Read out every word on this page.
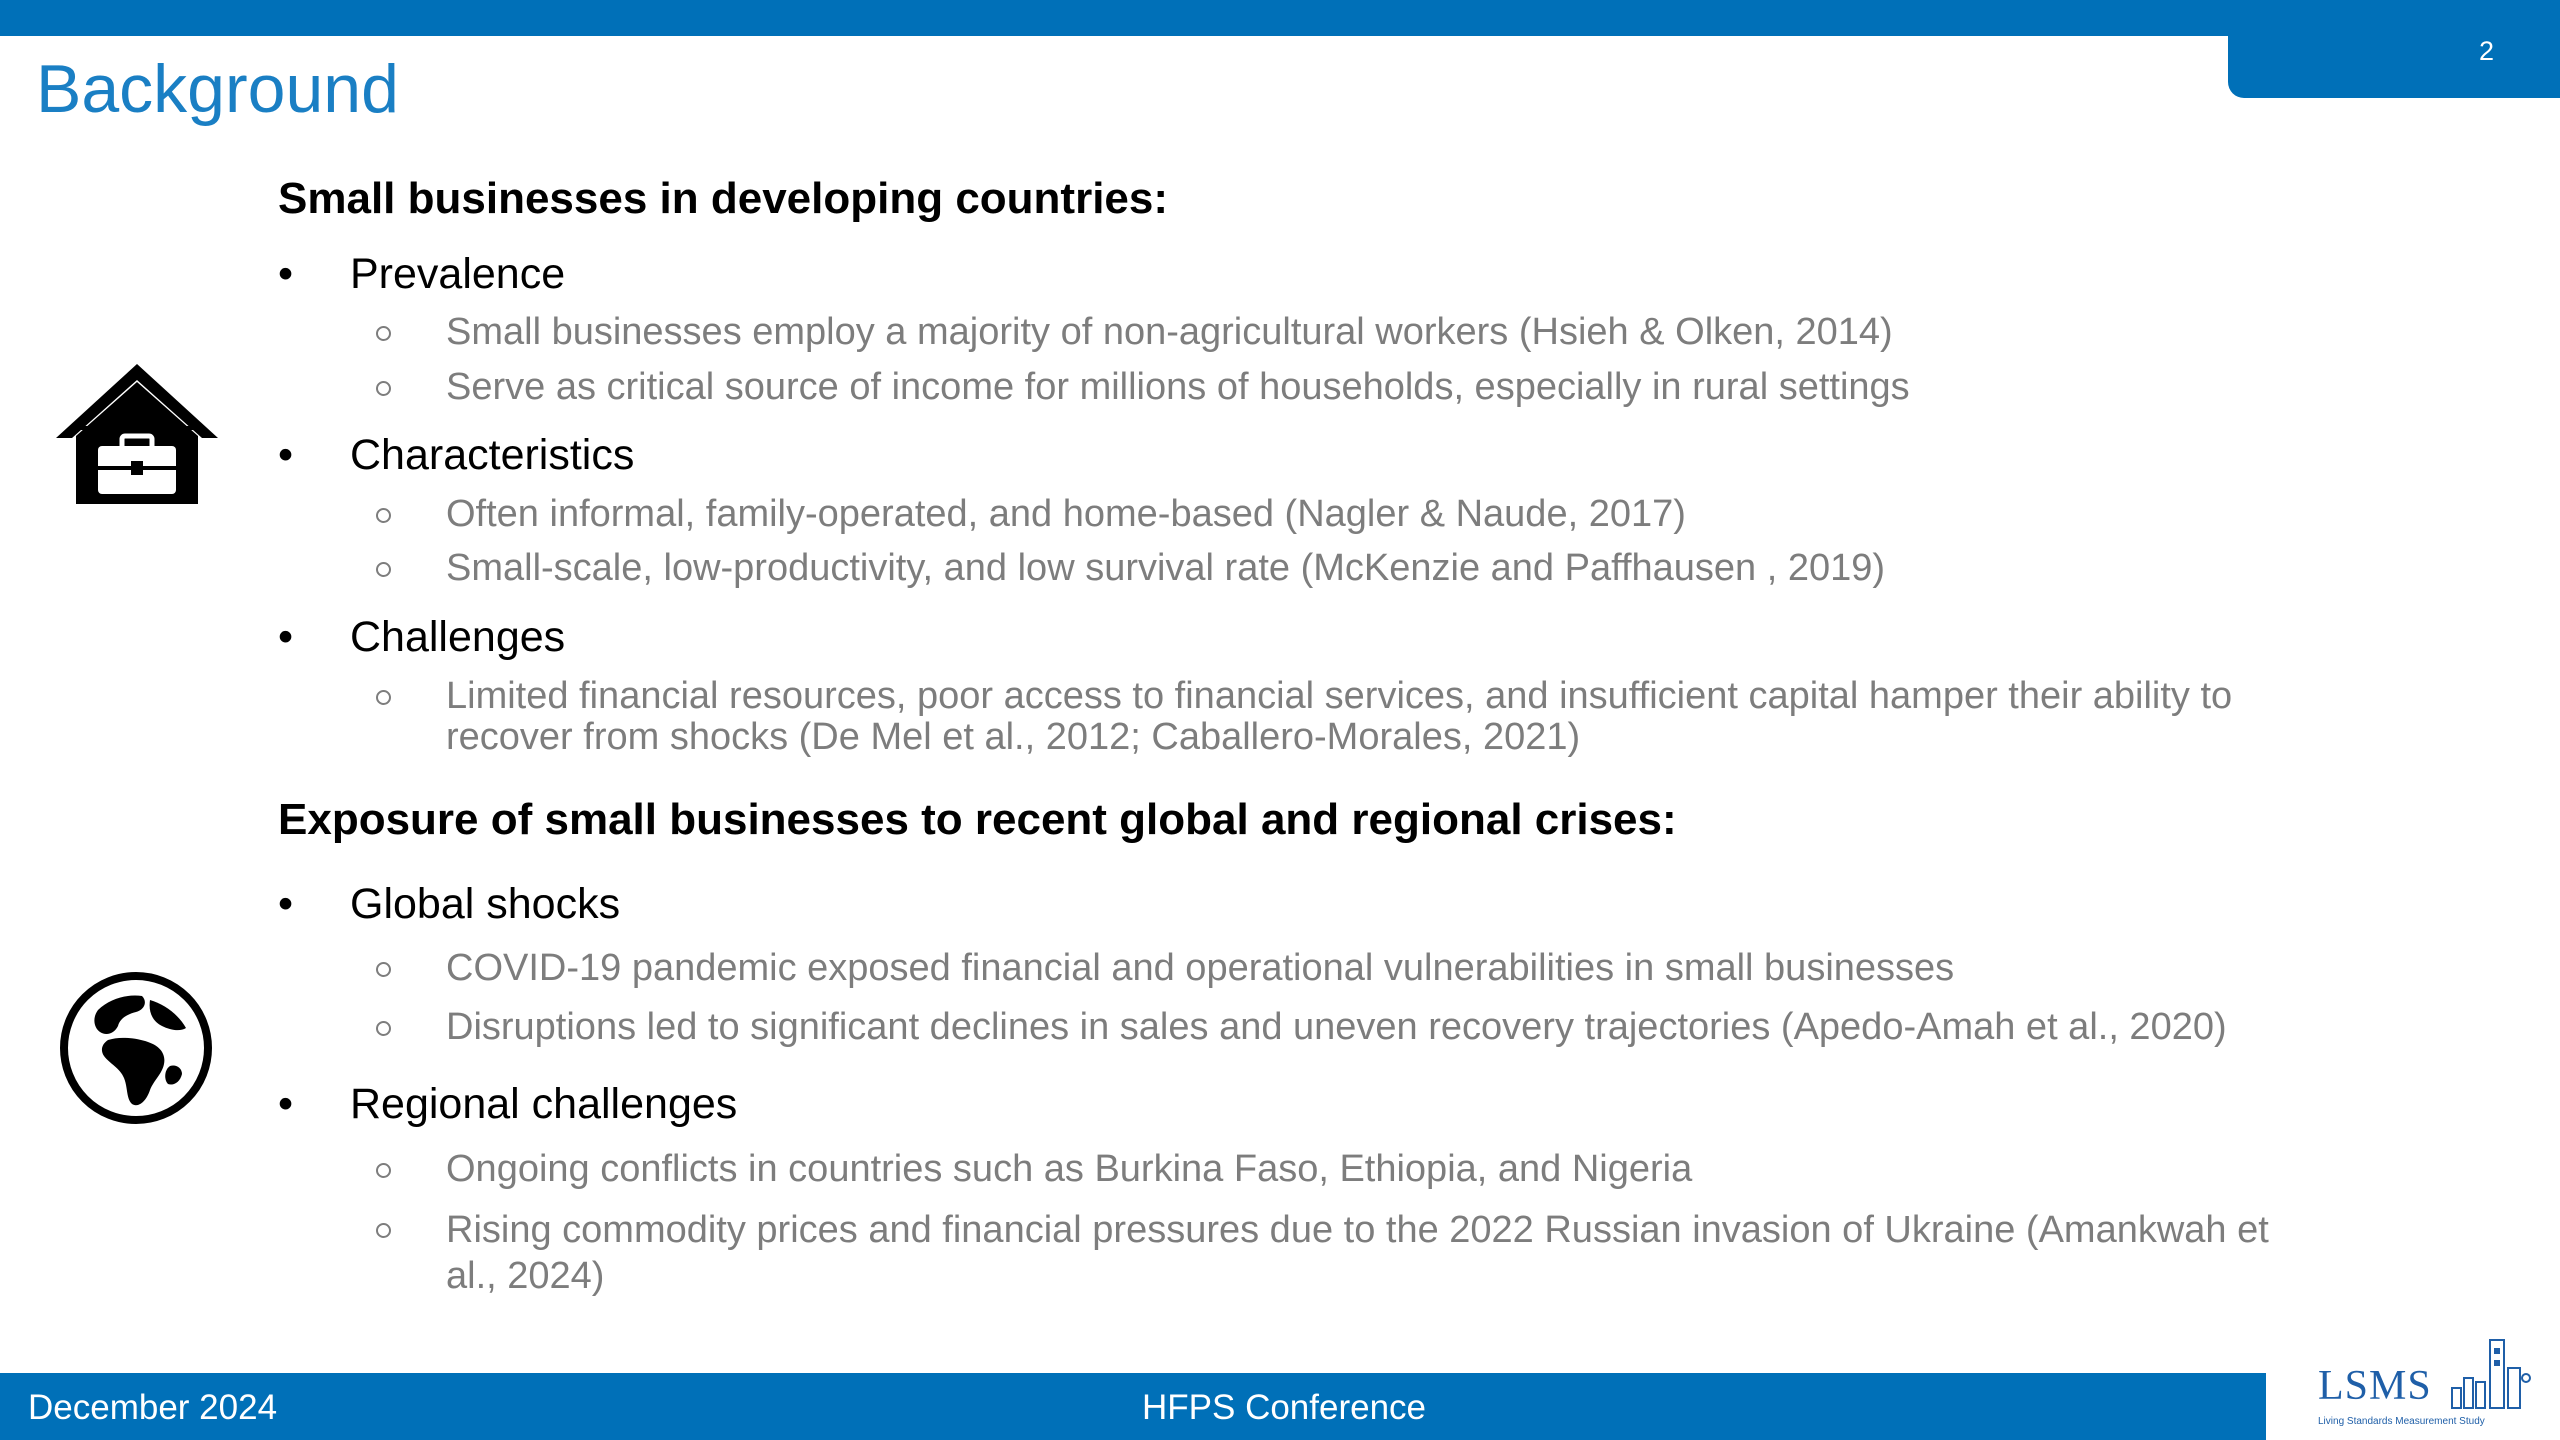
2
Background
Small businesses in developing countries:
• Prevalence
Small businesses employ a majority of non-agricultural workers (Hsieh & Olken, 2014)
Serve as critical source of income for millions of households, especially in rural settings
• Characteristics
Often informal, family-operated, and home-based (Nagler & Naude, 2017)
Small-scale, low-productivity, and low survival rate (McKenzie and Paffhausen , 2019)
• Challenges
Limited financial resources, poor access to financial services, and insufficient capital hamper their ability to recover from shocks (De Mel et al., 2012; Caballero-Morales, 2021)
Exposure of small businesses to recent global and regional crises:
• Global shocks
COVID-19 pandemic exposed financial and operational vulnerabilities in small businesses
Disruptions led to significant declines in sales and uneven recovery trajectories (Apedo-Amah et al., 2020)
• Regional challenges
Ongoing conflicts in countries such as Burkina Faso, Ethiopia, and Nigeria
Rising commodity prices and financial pressures due to the 2022 Russian invasion of Ukraine (Amankwah et al., 2024)
December 2024	HFPS Conference	LSMS
Living Standards Measurement Study
